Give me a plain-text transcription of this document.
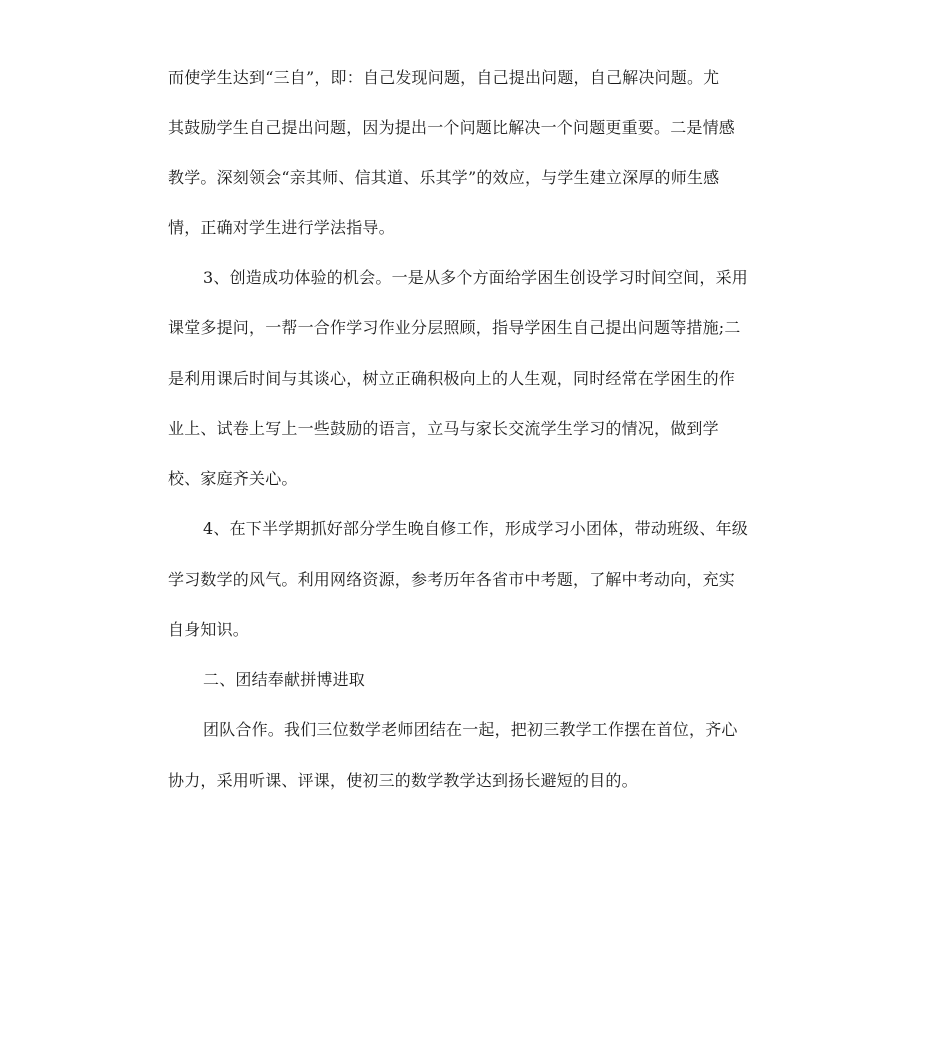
而使学生达到“三自”，即：自己发现问题，自己提出问题，自己解决问题。尤
其鼓励学生自己提出问题，因为提出一个问题比解决一个问题更重要。二是情感
教学。深刻领会“亲其师、信其道、乐其学”的效应，与学生建立深厚的师生感
情，正确对学生进行学法指导。
3、创造成功体验的机会。一是从多个方面给学困生创设学习时间空间，采用
课堂多提问，一帮一合作学习作业分层照顾，指导学困生自己提出问题等措施;二
是利用课后时间与其谈心，树立正确积极向上的人生观，同时经常在学困生的作
业上、试卷上写上一些鼓励的语言，立马与家长交流学生学习的情况，做到学
校、家庭齐关心。
4、在下半学期抓好部分学生晚自修工作，形成学习小团体，带动班级、年级
学习数学的风气。利用网络资源，参考历年各省市中考题，了解中考动向，充实
自身知识。
二、团结奉献拼博进取
团队合作。我们三位数学老师团结在一起，把初三教学工作摆在首位，齐心
协力，采用听课、评课，使初三的数学教学达到扬长避短的目的。
